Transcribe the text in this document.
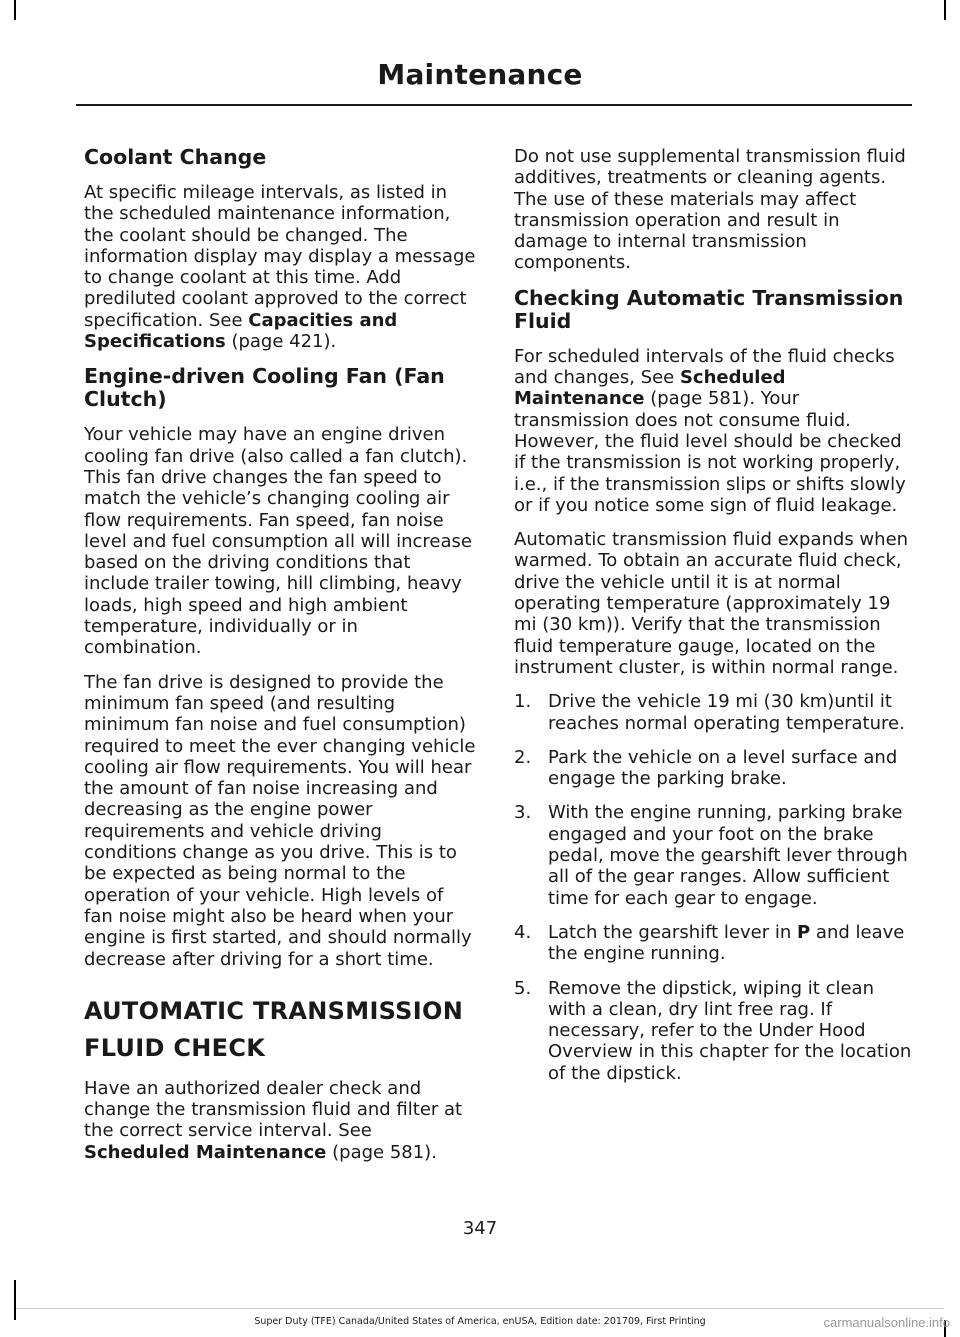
Maintenance
Coolant Change

At specific mileage intervals, as listed in the scheduled maintenance information, the coolant should be changed. The information display may display a message to change coolant at this time. Add prediluted coolant approved to the correct specification. See Capacities and Specifications (page 421).

Engine-driven Cooling Fan (Fan Clutch)

Your vehicle may have an engine driven cooling fan drive (also called a fan clutch). This fan drive changes the fan speed to match the vehicle’s changing cooling air flow requirements. Fan speed, fan noise level and fuel consumption all will increase based on the driving conditions that include trailer towing, hill climbing, heavy loads, high speed and high ambient temperature, individually or in combination.

The fan drive is designed to provide the minimum fan speed (and resulting minimum fan noise and fuel consumption) required to meet the ever changing vehicle cooling air flow requirements. You will hear the amount of fan noise increasing and decreasing as the engine power requirements and vehicle driving conditions change as you drive. This is to be expected as being normal to the operation of your vehicle. High levels of fan noise might also be heard when your engine is first started, and should normally decrease after driving for a short time.

AUTOMATIC TRANSMISSION
FLUID CHECK

Have an authorized dealer check and change the transmission fluid and filter at the correct service interval. See
Scheduled Maintenance (page 581).

Do not use supplemental transmission fluid additives, treatments or cleaning agents. The use of these materials may affect transmission operation and result in damage to internal transmission components.

Checking Automatic Transmission Fluid

For scheduled intervals of the fluid checks and changes, See Scheduled Maintenance (page 581). Your transmission does not consume fluid. However, the fluid level should be checked if the transmission is not working properly, i.e., if the transmission slips or shifts slowly or if you notice some sign of fluid leakage.

Automatic transmission fluid expands when warmed. To obtain an accurate fluid check, drive the vehicle until it is at normal operating temperature (approximately 19 mi (30 km)). Verify that the transmission fluid temperature gauge, located on the instrument cluster, is within normal range.

1. Drive the vehicle 19 mi (30 km)until it reaches normal operating temperature.
2. Park the vehicle on a level surface and engage the parking brake.
3. With the engine running, parking brake engaged and your foot on the brake pedal, move the gearshift lever through all of the gear ranges. Allow sufficient time for each gear to engage.
4. Latch the gearshift lever in P and leave the engine running.
5. Remove the dipstick, wiping it clean with a clean, dry lint free rag. If necessary, refer to the Under Hood Overview in this chapter for the location of the dipstick.
347
Super Duty (TFE) Canada/United States of America, enUSA, Edition date: 201709, First Printing	carmanualsonline.info
